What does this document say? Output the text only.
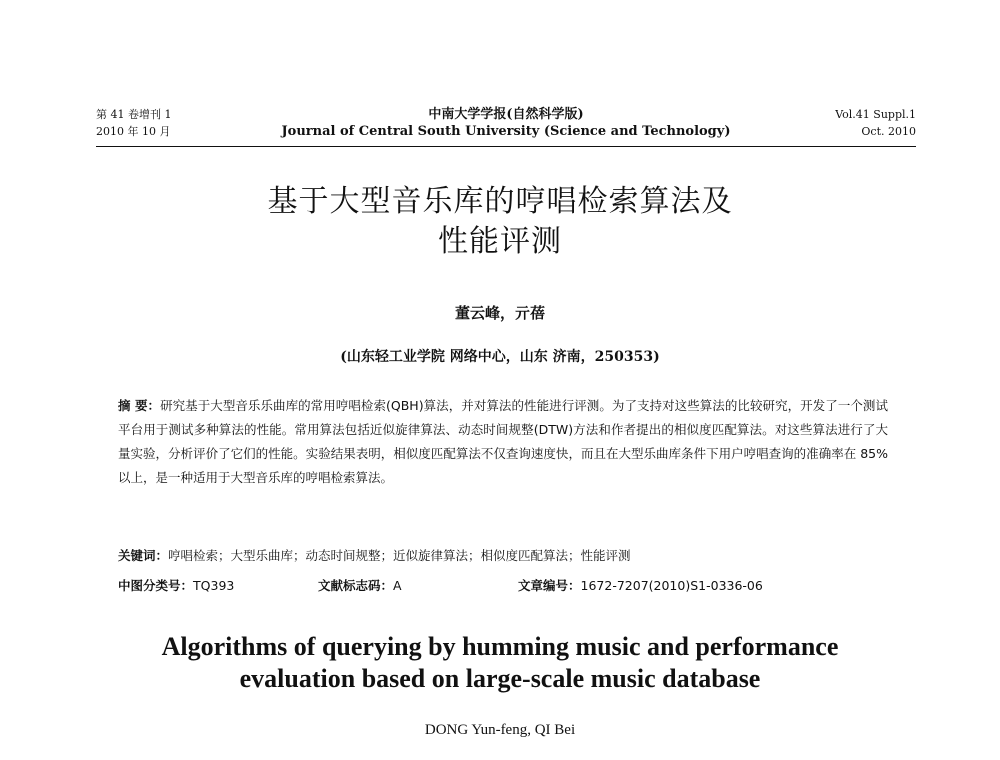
第 41 卷增刊 1
2010 年 10 月
中南大学学报(自然科学版)
Journal of Central South University (Science and Technology)
Vol.41 Suppl.1
Oct. 2010
基于大型音乐库的哼唱检索算法及
性能评测
董云峰，亓蓓
(山东轻工业学院 网络中心，山东 济南，250353)
摘 要：研究基于大型音乐乐曲库的常用哼唱检索(QBH)算法，并对算法的性能进行评测。为了支持对这些算法的比较研究，开发了一个测试平台用于测试多种算法的性能。常用算法包括近似旋律算法、动态时间规整(DTW)方法和作者提出的相似度匹配算法。对这些算法进行了大量实验，分析评价了它们的性能。实验结果表明，相似度匹配算法不仅查询速度快，而且在大型乐曲库条件下用户哼唱查询的准确率在 85%以上，是一种适用于大型音乐库的哼唱检索算法。
关键词：哼唱检索；大型乐曲库；动态时间规整；近似旋律算法；相似度匹配算法；性能评测
中图分类号：TQ393	文献标志码：A	文章编号：1672-7207(2010)S1-0336-06
Algorithms of querying by humming music and performance
evaluation based on large-scale music database
DONG Yun-feng, QI Bei
